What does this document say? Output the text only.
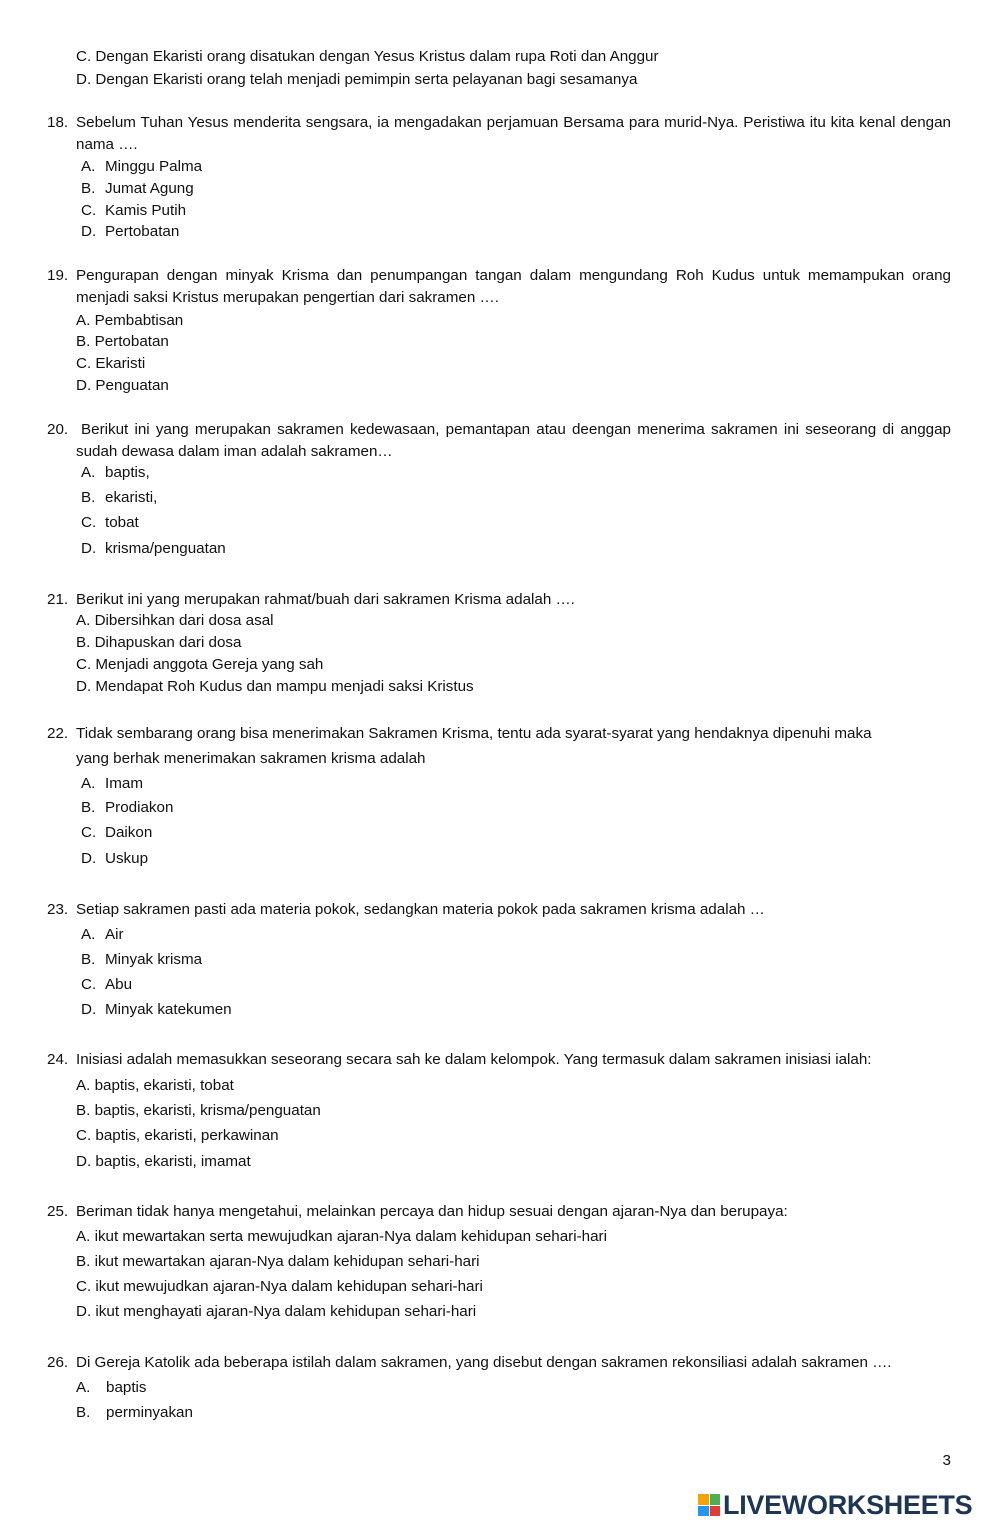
C. Dengan Ekaristi orang disatukan dengan Yesus Kristus dalam rupa Roti dan Anggur
D. Dengan Ekaristi orang telah menjadi pemimpin serta pelayanan bagi sesamanya
18. Sebelum Tuhan Yesus menderita sengsara, ia mengadakan perjamuan Bersama para murid-Nya. Peristiwa itu kita kenal dengan nama ….
A. Minggu Palma
B. Jumat Agung
C. Kamis Putih
D. Pertobatan
19. Pengurapan dengan minyak Krisma dan penumpangan tangan dalam mengundang Roh Kudus untuk memampukan orang menjadi saksi Kristus merupakan pengertian dari sakramen ….
A. Pembabtisan
B. Pertobatan
C. Ekaristi
D. Penguatan
20. Berikut ini yang merupakan sakramen kedewasaan, pemantapan atau deengan menerima sakramen ini seseorang di anggap sudah dewasa dalam iman adalah sakramen…
A. baptis,
B. ekaristi,
C. tobat
D. krisma/penguatan
21. Berikut ini yang merupakan rahmat/buah dari sakramen Krisma adalah ….
A. Dibersihkan dari dosa asal
B. Dihapuskan dari dosa
C. Menjadi anggota Gereja yang sah
D. Mendapat Roh Kudus dan mampu menjadi saksi Kristus
22. Tidak sembarang orang bisa menerimakan Sakramen Krisma, tentu ada syarat-syarat yang hendaknya dipenuhi maka
yang berhak menerimakan sakramen krisma adalah
A. Imam
B. Prodiakon
C. Daikon
D. Uskup
23. Setiap sakramen pasti ada materia pokok, sedangkan materia pokok pada sakramen krisma adalah …
A. Air
B. Minyak krisma
C. Abu
D. Minyak katekumen
24. Inisiasi adalah memasukkan seseorang secara sah ke dalam kelompok. Yang termasuk dalam sakramen inisiasi ialah:
A. baptis, ekaristi, tobat
B. baptis, ekaristi, krisma/penguatan
C. baptis, ekaristi, perkawinan
D. baptis, ekaristi, imamat
25. Beriman tidak hanya mengetahui, melainkan percaya dan hidup sesuai dengan ajaran-Nya dan berupaya:
A. ikut mewartakan serta mewujudkan ajaran-Nya dalam kehidupan sehari-hari
B. ikut mewartakan ajaran-Nya dalam kehidupan sehari-hari
C. ikut mewujudkan ajaran-Nya dalam kehidupan sehari-hari
D. ikut menghayati ajaran-Nya dalam kehidupan sehari-hari
26. Di Gereja Katolik ada beberapa istilah dalam sakramen, yang disebut dengan sakramen rekonsiliasi adalah sakramen ….
A. baptis
B. perminyakan
3
LIVEWORKSHEETS
